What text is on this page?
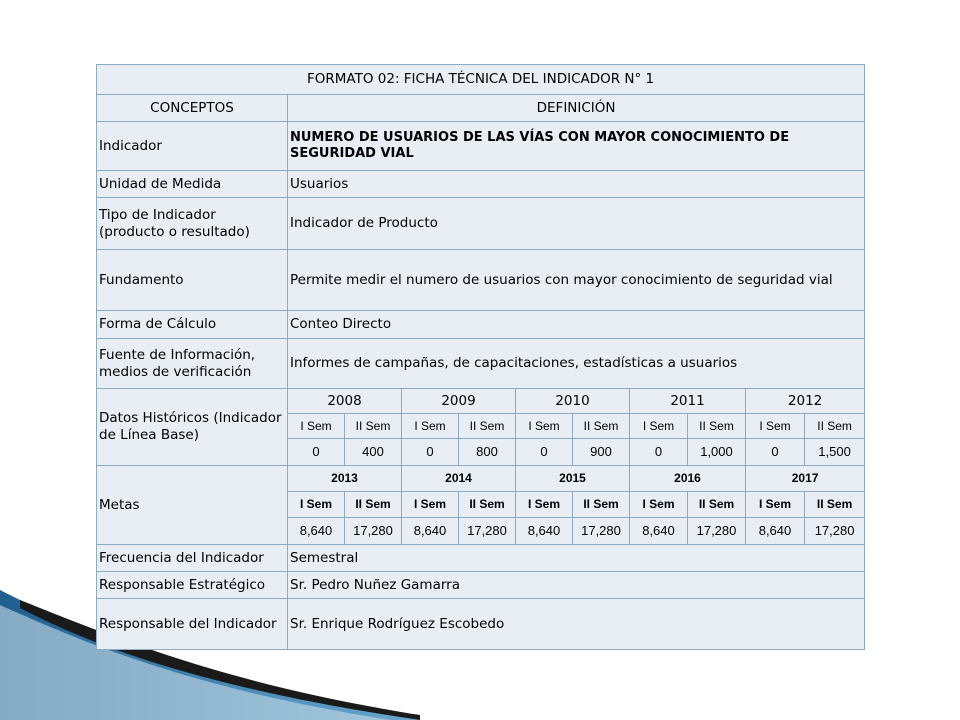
FORMATO 02: FICHA TÉCNICA DEL INDICADOR N° 1										
CONCEPTOS	DEFINICIÓN									
Indicador	NUMERO DE USUARIOS DE LAS VÍAS CON MAYOR CONOCIMIENTO DE SEGURIDAD VIAL									
Unidad de Medida	Usuarios									
Tipo de Indicador (producto o resultado)	Indicador de Producto									
Fundamento	Permite medir el numero de usuarios con mayor conocimiento de seguridad vial									
Forma de Cálculo	Conteo Directo									
Fuente de Información, medios de verificación	Informes de campañas, de capacitaciones, estadísticas a usuarios									
Datos Históricos (Indicador de Línea Base)	2008		2009		2010		2011		2012	
	I Sem	II Sem	I Sem	II Sem	I Sem	II Sem	I Sem	II Sem	I Sem	II Sem
	0	400	0	800	0	900	0	1,000	0	1,500
Metas	2013		2014		2015		2016		2017	
	I Sem	II Sem	I Sem	II Sem	I Sem	II Sem	I Sem	II Sem	I Sem	II Sem
	8,640	17,280	8,640	17,280	8,640	17,280	8,640	17,280	8,640	17,280
Frecuencia del Indicador	Semestral									
Responsable Estratégico	Sr. Pedro Nuñez Gamarra									
Responsable del Indicador	Sr. Enrique Rodríguez Escobedo									
